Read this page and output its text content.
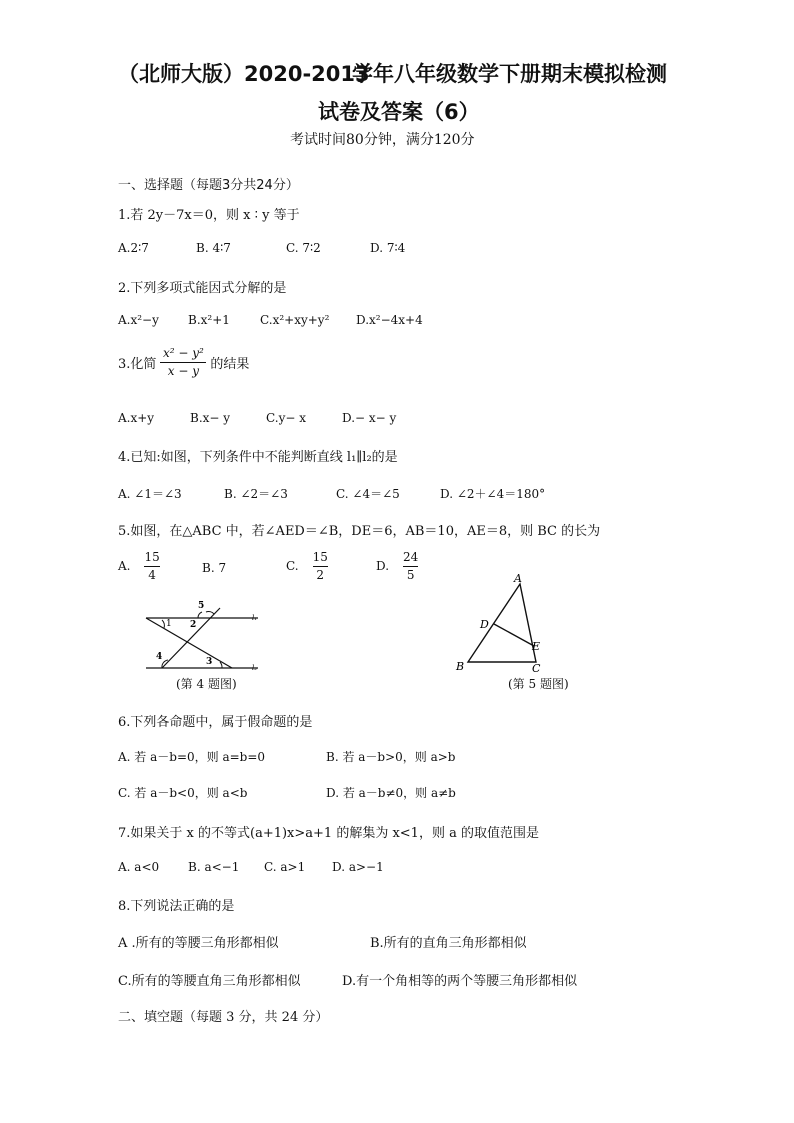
（北师大版）2020-2013
学年八年级数学下册期末模拟检测
试卷及答案（6）
考试时间80分钟，满分120分
一、选择题（每题3分共24分）
1.若 2y－7x＝0，则 x ∶ y 等于
A.2∶7	B. 4∶7	C. 7∶2	D. 7∶4
2.下列多项式能因式分解的是
A.x²−y B.x²+1	C.x²+xy+y² D.x²−4x+4
3.化简 $\frac{\text{x² − y²}}{x - y}$ 的结果
A.x+y	B.x− y	C.y− x	D.− x− y
4.已知:如图，下列条件中不能判断直线 l₁∥l₂的是
A. ∠1＝∠3	B. ∠2＝∠3	C. ∠4＝∠5	D. ∠2＋∠4＝180°
5.如图，在△ABC 中，若∠AED＝∠B，DE＝6，AB＝10，AE＝8，则 BC 的长为
A. $\frac{15}{4}$	B. 7	C. $\frac{15}{2}$	D. $\frac{24}{5}$
1 2
5
4	3
l₁
l₂
(第 4 题图)
A
B	C
D
E
(第 5 题图)
6.下列各命题中，属于假命题的是
A. 若 a－b=0，则 a=b=0	B. 若 a－b>0，则 a>b
C. 若 a－b<0，则 a<b	D. 若 a－b≠0，则 a≠b
7.如果关于 x 的不等式(a+1)x>a+1 的解集为 x<1，则 a 的取值范围是
A. a<0 B. a<−1 C. a>1 D. a>−1
8.下列说法正确的是
A .所有的等腰三角形都相似	B.所有的直角三角形都相似
C.所有的等腰直角三角形都相似	D.有一个角相等的两个等腰三角形都相似
二、填空题（每题 3 分，共 24 分）
